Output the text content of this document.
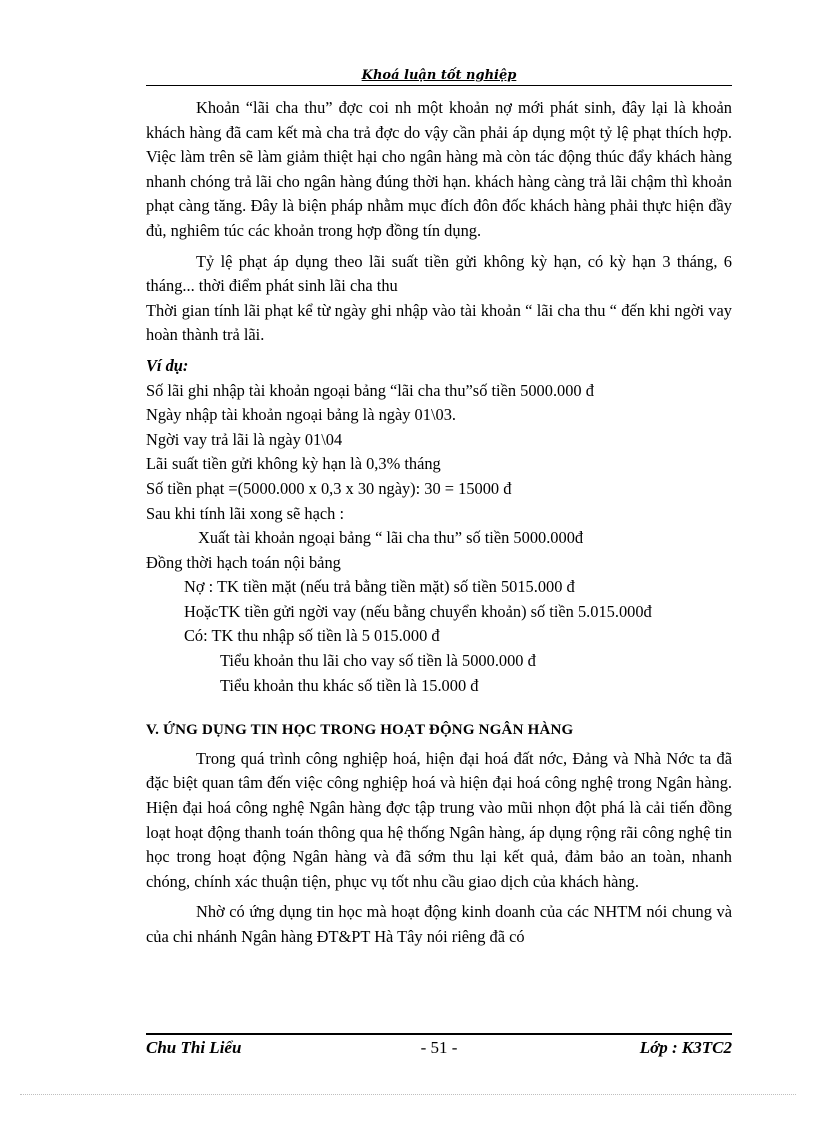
Khoá luận tốt nghiệp

Khoản “lãi cha thu” đợc coi nh một khoản nợ mới phát sinh, đây lại là khoản khách hàng đã cam kết mà cha trả đợc do vậy cần phải áp dụng một tỷ lệ phạt thích hợp. Việc làm trên sẽ làm giảm thiệt hại cho ngân hàng mà còn tác động thúc đẩy khách hàng nhanh chóng trả lãi cho ngân hàng đúng thời hạn. khách hàng càng trả lãi chậm thì khoản phạt càng tăng. Đây là biện pháp nhằm mục đích đôn đốc khách hàng phải thực hiện đầy đủ, nghiêm túc các khoản trong hợp đồng tín dụng.

Tỷ lệ phạt áp dụng theo lãi suất tiền gửi không kỳ hạn, có kỳ hạn 3 tháng, 6 tháng... thời điểm phát sinh lãi cha thu

Thời gian tính lãi phạt kể từ ngày ghi nhập vào tài khoản “ lãi cha thu “ đến khi ngời vay hoàn thành trả lãi.

Ví dụ:

Số lãi ghi nhập tài khoản ngoại bảng “lãi cha thu”số tiền 5000.000 đ

Ngày nhập tài khoản ngoại bảng là ngày 01\03.

Ngời vay trả lãi là ngày 01\04

Lãi suất tiền gửi không kỳ hạn là 0,3% tháng

Số tiền phạt =(5000.000 x 0,3 x 30 ngày): 30 = 15000 đ

Sau khi tính lãi xong sẽ hạch :

Xuất tài khoản ngoại bảng “ lãi cha thu” số tiền 5000.000đ

Đồng thời hạch toán nội bảng

Nợ : TK tiền mặt (nếu trả bằng tiền mặt) số tiền 5015.000 đ

HoặcTK tiền gửi ngời vay (nếu bằng chuyển khoản) số tiền 5.015.000đ

Có: TK thu nhập số tiền là 5 015.000 đ

Tiểu khoản thu lãi cho vay số tiền là 5000.000 đ

Tiểu khoản thu khác số tiền là 15.000 đ

V. ỨNG DỤNG TIN HỌC TRONG HOẠT ĐỘNG NGÂN HÀNG

Trong quá trình công nghiệp hoá, hiện đại hoá đất nớc, Đảng và Nhà Nớc ta đã đặc biệt quan tâm đến việc công nghiệp hoá và hiện đại hoá công nghệ trong Ngân hàng. Hiện đại hoá công nghệ Ngân hàng đợc tập trung vào mũi nhọn đột phá là cải tiến đồng loạt hoạt động thanh toán thông qua hệ thống Ngân hàng, áp dụng rộng rãi công nghệ tin học trong hoạt động Ngân hàng và đã sớm thu lại kết quả, đảm bảo an toàn, nhanh chóng, chính xác thuận tiện, phục vụ tốt nhu cầu giao dịch của khách hàng.

Nhờ có ứng dụng tin học mà hoạt động kinh doanh của các NHTM nói chung và của chi nhánh Ngân hàng ĐT&PT Hà Tây nói riêng đã có

Chu Thi Liểu	- 51 -	Lớp : K3TC2
